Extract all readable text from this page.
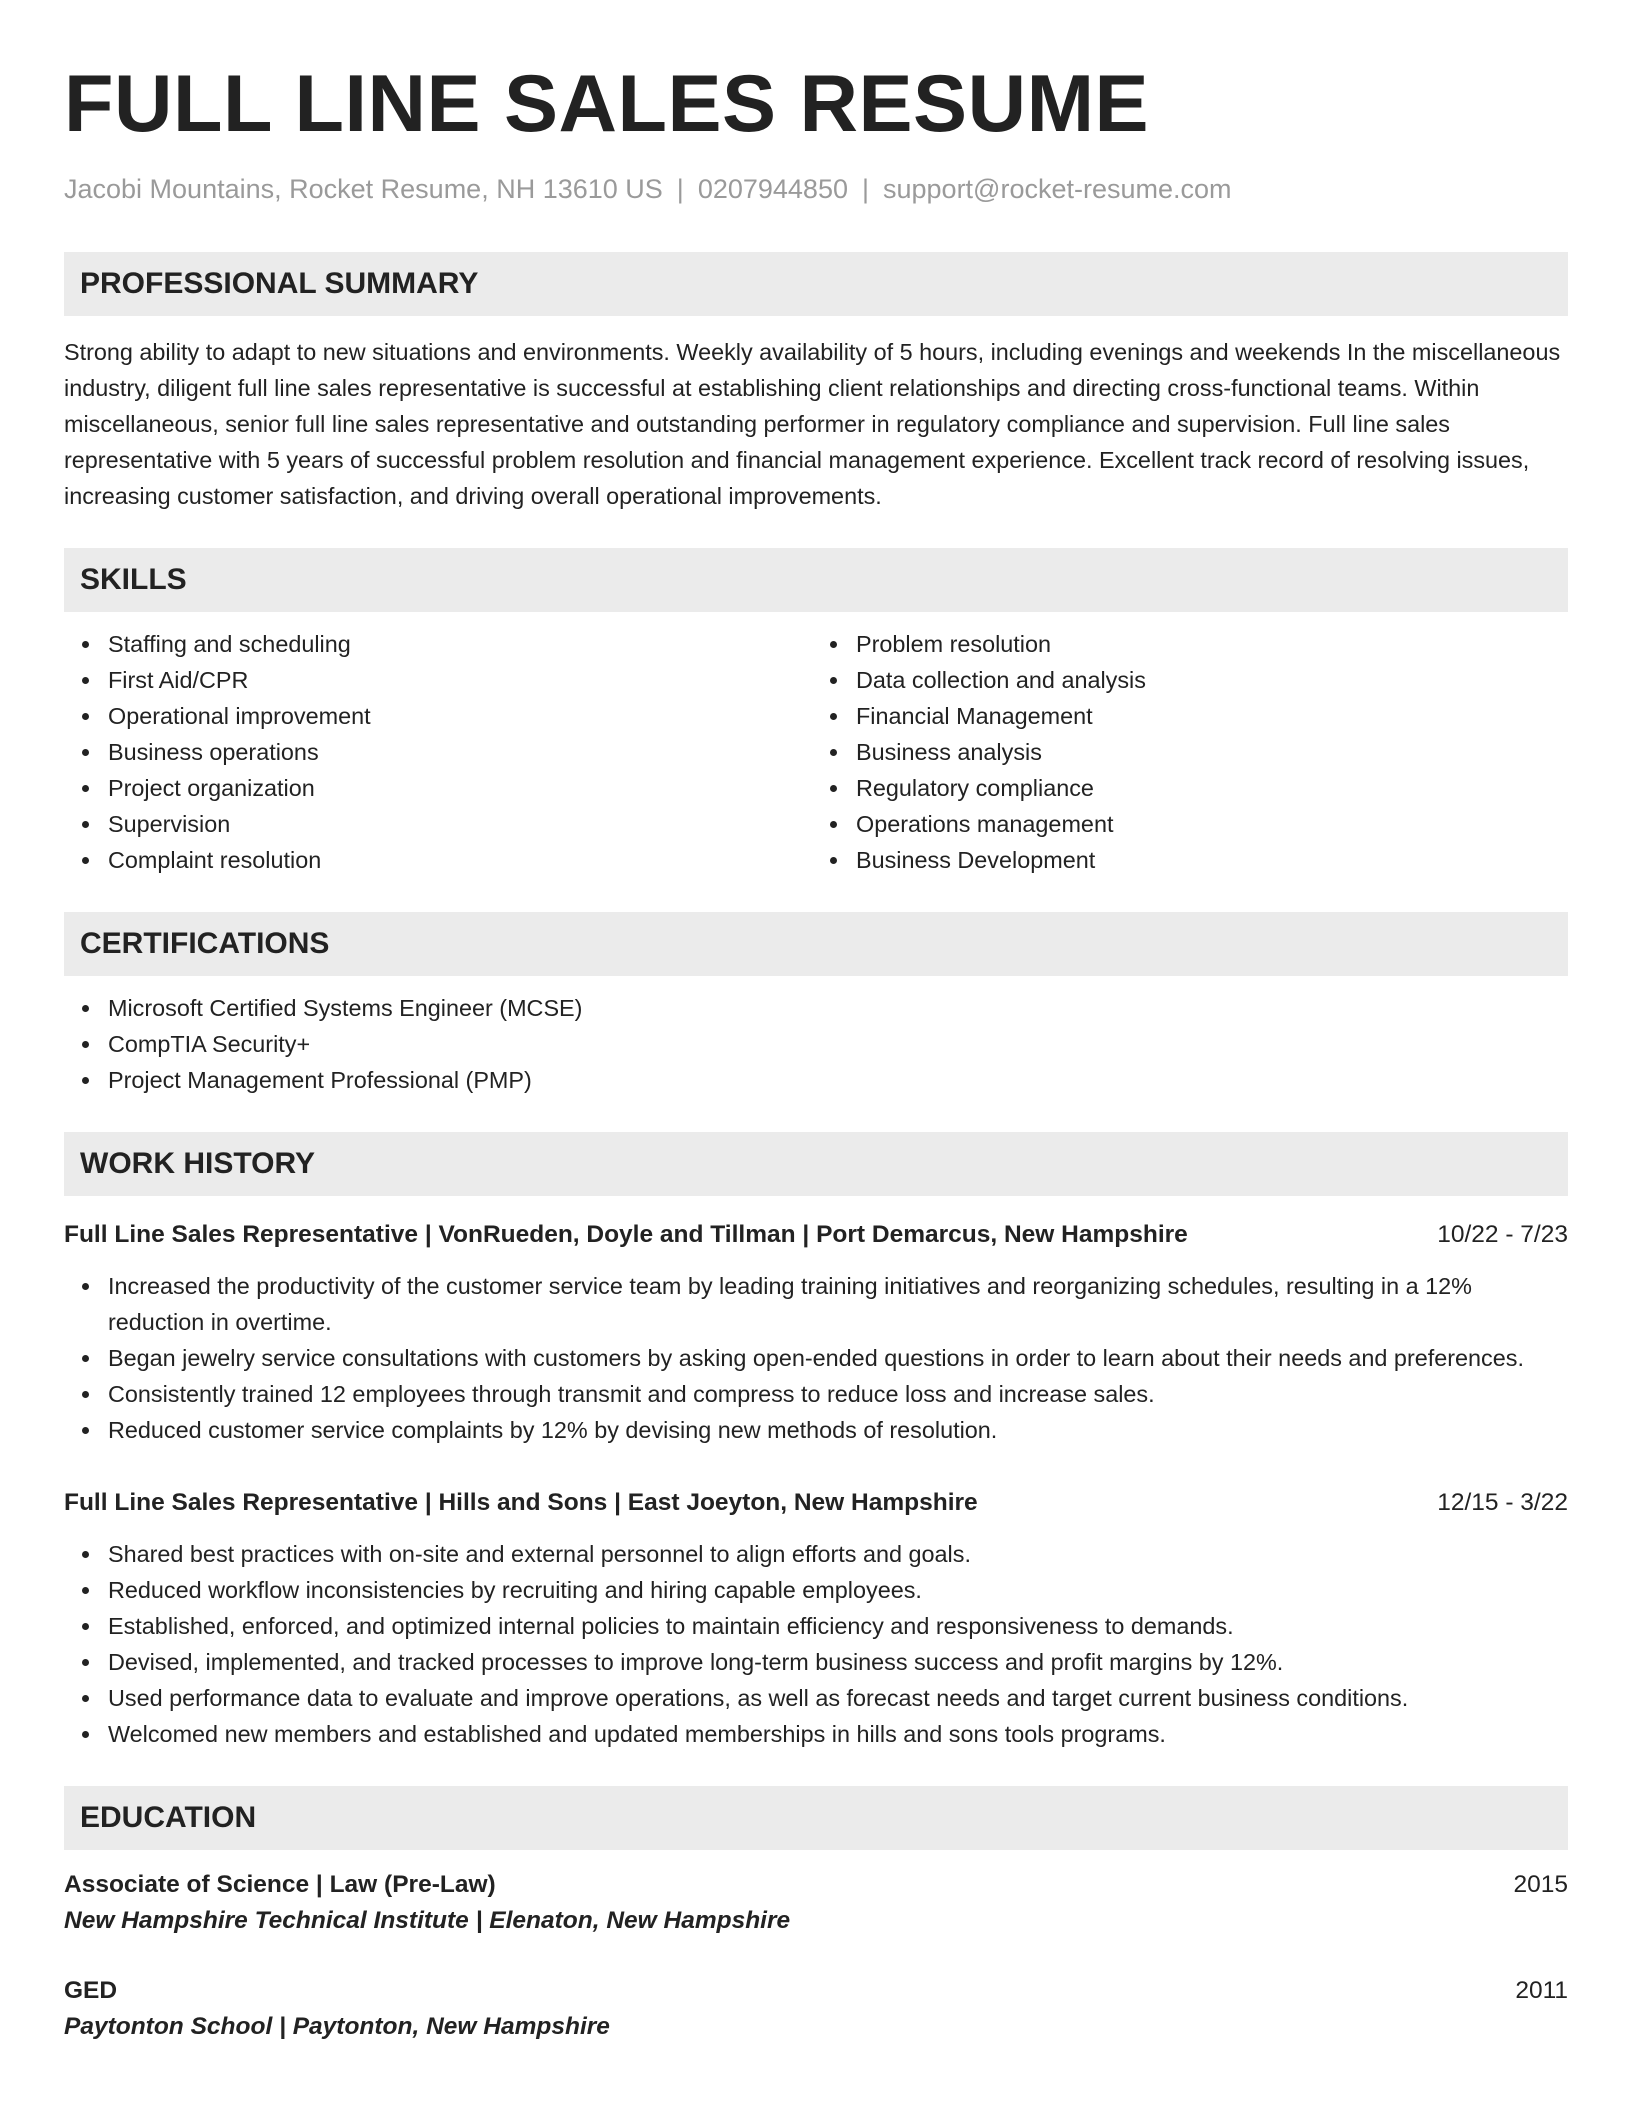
FULL LINE SALES RESUME
Jacobi Mountains, Rocket Resume, NH 13610 US | 0207944850 | support@rocket-resume.com
PROFESSIONAL SUMMARY

Strong ability to adapt to new situations and environments. Weekly availability of 5 hours, including evenings and weekends In the miscellaneous industry, diligent full line sales representative is successful at establishing client relationships and directing cross-functional teams. Within miscellaneous, senior full line sales representative and outstanding performer in regulatory compliance and supervision. Full line sales representative with 5 years of successful problem resolution and financial management experience. Excellent track record of resolving issues, increasing customer satisfaction, and driving overall operational improvements.

SKILLS
Staffing and scheduling
First Aid/CPR
Operational improvement
Business operations
Project organization
Supervision
Complaint resolution
Problem resolution
Data collection and analysis
Financial Management
Business analysis
Regulatory compliance
Operations management
Business Development
CERTIFICATIONS
Microsoft Certified Systems Engineer (MCSE)
CompTIA Security+
Project Management Professional (PMP)
WORK HISTORY
Full Line Sales Representative | VonRueden, Doyle and Tillman | Port Demarcus, New Hampshire	10/22 - 7/23
Increased the productivity of the customer service team by leading training initiatives and reorganizing schedules, resulting in a 12% reduction in overtime.
Began jewelry service consultations with customers by asking open-ended questions in order to learn about their needs and preferences.
Consistently trained 12 employees through transmit and compress to reduce loss and increase sales.
Reduced customer service complaints by 12% by devising new methods of resolution.
Full Line Sales Representative | Hills and Sons | East Joeyton, New Hampshire	12/15 - 3/22
Shared best practices with on-site and external personnel to align efforts and goals.
Reduced workflow inconsistencies by recruiting and hiring capable employees.
Established, enforced, and optimized internal policies to maintain efficiency and responsiveness to demands.
Devised, implemented, and tracked processes to improve long-term business success and profit margins by 12%.
Used performance data to evaluate and improve operations, as well as forecast needs and target current business conditions.
Welcomed new members and established and updated memberships in hills and sons tools programs.
EDUCATION
Associate of Science | Law (Pre-Law)	2015
New Hampshire Technical Institute | Elenaton, New Hampshire
GED	2011
Paytonton School | Paytonton, New Hampshire
